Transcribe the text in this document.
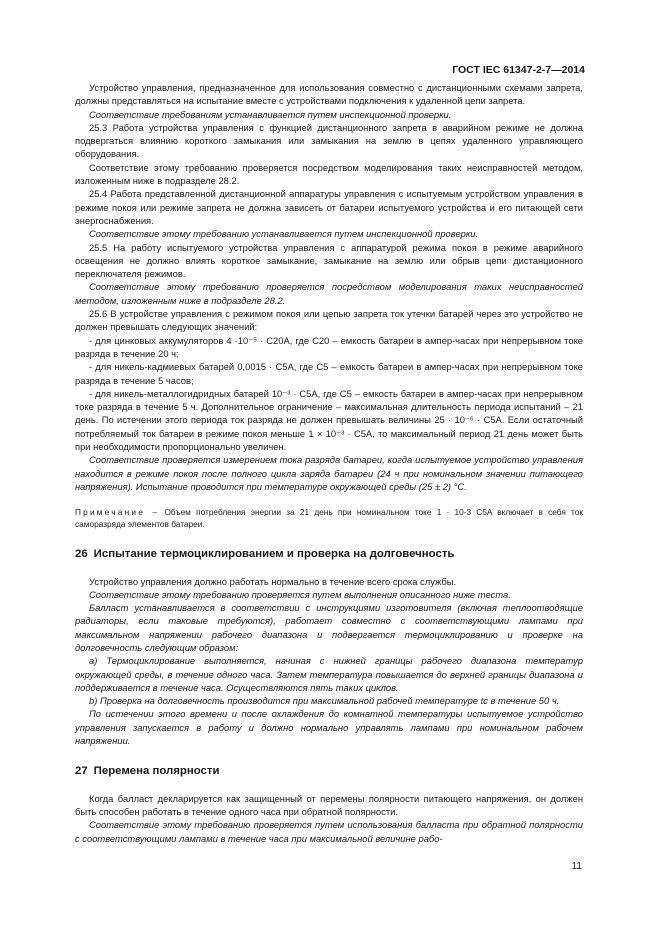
ГОСТ IEC 61347-2-7—2014

Устройство управления, предназначенное для использования совместно с дистанционными схемами запрета, должны представляться на испытание вместе с устройствами подключения к удаленной цепи запрета.

Соответствие требованиям устанавливается путем инспекционной проверки.

25.3 Работа устройства управления с функцией дистанционного запрета в аварийном режиме не должна подвергаться влиянию короткого замыкания или замыкания на землю в цепях удаленного управляющего оборудования.

Соответствие этому требованию проверяется посредством моделирования таких неисправностей методом, изложенным ниже в подразделе 28.2.

25.4 Работа представленной дистанционной аппаратуры управления с испытуемым устройством управления в режиме покоя или режиме запрета не должна зависеть от батареи испытуемого устройства и его питающей сети энергоснабжения.

Соответствие этому требованию устанавливается путем инспекционной проверки.

25.5 На работу испытуемого устройства управления с аппаратурой режима покоя в режиме аварийного освещения не должно влиять короткое замыкание, замыкание на землю или обрыв цепи дистанционного переключателя режимов.

Соответствие этому требованию проверяется посредством моделирования таких неисправностей методом, изложенным ниже в подразделе 28.2.

25.6 В устройстве управления с режимом покоя или цепью запрета ток утечки батарей через это устройство не должен превышать следующих значений:

- для цинковых аккумуляторов 4 ·10⁻⁵ · C20A, где C20 – емкость батареи в ампер-часах при непрерывном токе разряда в течение 20 ч;

- для никель-кадмиевых батарей 0,0015 · C5A, где C5 – емкость батареи в ампер-часах при непрерывном токе разряда в течение 5 часов;

- для никель-металлогидридных батарей 10⁻³ · C5A, где C5 – емкость батареи в ампер-часах при непрерывном токе разряда в течение 5 ч. Дополнительное ограничение – максимальная длительность периода испытаний – 21 день. По истечении этого периода ток разряда не должен превышать величины 25 · 10⁻⁶ · C5A. Если остаточный потребляемый ток батареи в режиме покоя меньше 1 × 10⁻³ · C5A, то максимальный период 21 день может быть при необходимости пропорционально увеличен.

Соответствие проверяется измерением тока разряда батареи, когда испытуемое устройство управления находится в режиме покоя после полного цикла заряда батареи (24 ч при номинальном значении питающего напряжения). Испытание проводится при температуре окружающей среды (25 ± 2) °C.

Примечание – Объем потребления энергии за 21 день при номинальном токе 1 · 10-3 C5A включает в себя ток саморазряда элементов батареи.

26 Испытание термоциклированием и проверка на долговечность

Устройство управления должно работать нормально в течение всего срока службы.

Соответствие этому требованию проверяется путем выполнения описанного ниже теста.

Балласт устанавливается в соответствии с инструкциями изготовителя (включая теплоотводящие радиаторы, если таковые требуются), работает совместно с соответствующими лампами при максимальном напряжении рабочего диапазона и подвергается термоциклированию и проверке на долговечность следующим образом:

a) Термоциклирование выполняется, начиная с нижней границы рабочего диапазона температур окружающей среды, в течение одного часа. Затем температура повышается до верхней границы диапазона и поддерживается в течение часа. Осуществляются пять таких циклов.

b) Проверка на долговечность производится при максимальной рабочей температуре tc в течение 50 ч.

По истечении этого времени и после охлаждения до комнатной температуры испытуемое устройство управления запускается в работу и должно нормально управлять лампами при номинальном рабочем напряжении.

27 Перемена полярности

Когда балласт декларируется как защищенный от перемены полярности питающего напряжения, он должен быть способен работать в течение одного часа при обратной полярности.

Соответствие этому требованию проверяется путем использования балласта при обратной полярности с соответствующими лампами в течение часа при максимальной величине рабо-

11
